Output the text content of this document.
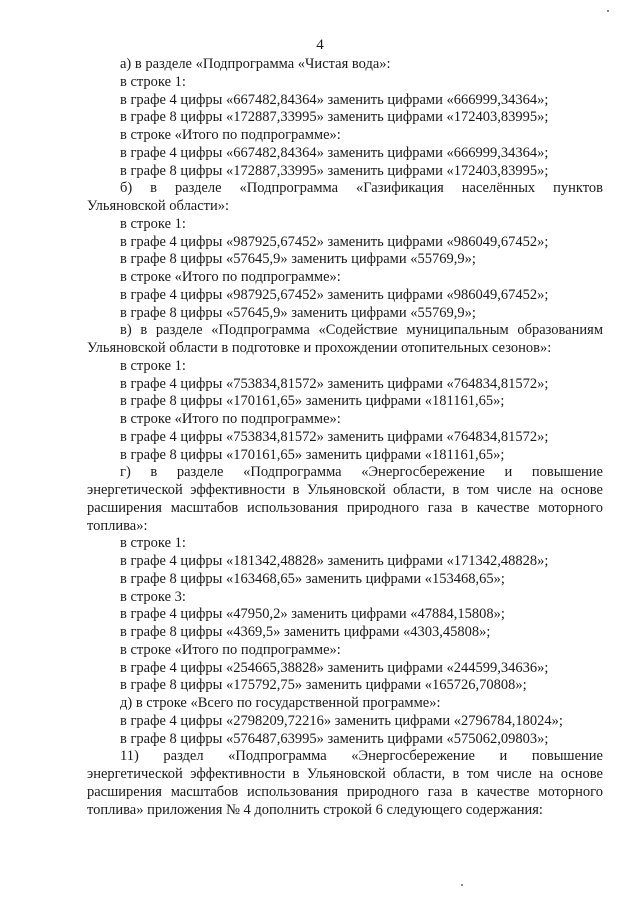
4

а) в разделе «Подпрограмма «Чистая вода»:

в строке 1:

в графе 4 цифры «667482,84364» заменить цифрами «666999,34364»;

в графе 8 цифры «172887,33995» заменить цифрами «172403,83995»;

в строке «Итого по подпрограмме»:

в графе 4 цифры «667482,84364» заменить цифрами «666999,34364»;

в графе 8 цифры «172887,33995» заменить цифрами «172403,83995»;

б) в разделе «Подпрограмма «Газификация населённых пунктов

Ульяновской области»:

в строке 1:

в графе 4 цифры «987925,67452» заменить цифрами «986049,67452»;

в графе 8 цифры «57645,9» заменить цифрами «55769,9»;

в строке «Итого по подпрограмме»:

в графе 4 цифры «987925,67452» заменить цифрами «986049,67452»;

в графе 8 цифры «57645,9» заменить цифрами «55769,9»;

в) в разделе «Подпрограмма «Содействие муниципальным образованиям

Ульяновской области в подготовке и прохождении отопительных сезонов»:

в строке 1:

в графе 4 цифры «753834,81572» заменить цифрами «764834,81572»;

в графе 8 цифры «170161,65» заменить цифрами «181161,65»;

в строке «Итого по подпрограмме»:

в графе 4 цифры «753834,81572» заменить цифрами «764834,81572»;

в графе 8 цифры «170161,65» заменить цифрами «181161,65»;

г) в разделе «Подпрограмма «Энергосбережение и повышение

энергетической эффективности в Ульяновской области, в том числе на основе

расширения масштабов использования природного газа в качестве моторного

топлива»:

в строке 1:

в графе 4 цифры «181342,48828» заменить цифрами «171342,48828»;

в графе 8 цифры «163468,65» заменить цифрами «153468,65»;

в строке 3:

в графе 4 цифры «47950,2» заменить цифрами «47884,15808»;

в графе 8 цифры «4369,5» заменить цифрами «4303,45808»;

в строке «Итого по подпрограмме»:

в графе 4 цифры «254665,38828» заменить цифрами «244599,34636»;

в графе 8 цифры «175792,75» заменить цифрами «165726,70808»;

д) в строке «Всего по государственной программе»:

в графе 4 цифры «2798209,72216» заменить цифрами «2796784,18024»;

в графе 8 цифры «576487,63995» заменить цифрами «575062,09803»;

11) раздел «Подпрограмма «Энергосбережение и повышение

энергетической эффективности в Ульяновской области, в том числе на основе

расширения масштабов использования природного газа в качестве моторного

топлива» приложения № 4 дополнить строкой 6 следующего содержания:
